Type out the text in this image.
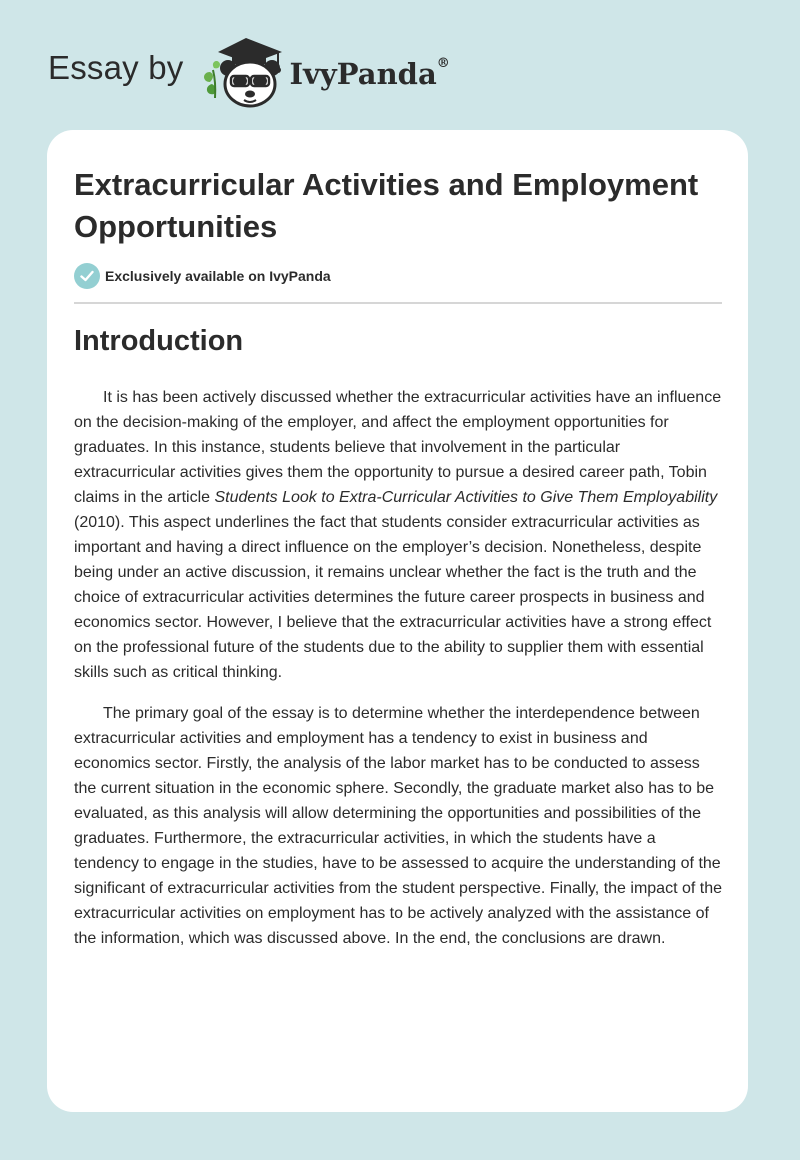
Essay by	IvyPanda®
Extracurricular Activities and Employment Opportunities
Exclusively available on IvyPanda
Introduction

It is has been actively discussed whether the extracurricular activities have an influence on the decision-making of the employer, and affect the employment opportunities for graduates. In this instance, students believe that involvement in the particular extracurricular activities gives them the opportunity to pursue a desired career path, Tobin claims in the article Students Look to Extra-Curricular Activities to Give Them Employability (2010). This aspect underlines the fact that students consider extracurricular activities as important and having a direct influence on the employer’s decision. Nonetheless, despite being under an active discussion, it remains unclear whether the fact is the truth and the choice of extracurricular activities determines the future career prospects in business and economics sector. However, I believe that the extracurricular activities have a strong effect on the professional future of the students due to the ability to supplier them with essential skills such as critical thinking.

The primary goal of the essay is to determine whether the interdependence between extracurricular activities and employment has a tendency to exist in business and economics sector. Firstly, the analysis of the labor market has to be conducted to assess the current situation in the economic sphere. Secondly, the graduate market also has to be evaluated, as this analysis will allow determining the opportunities and possibilities of the graduates. Furthermore, the extracurricular activities, in which the students have a tendency to engage in the studies, have to be assessed to acquire the understanding of the significant of extracurricular activities from the student perspective. Finally, the impact of the extracurricular activities on employment has to be actively analyzed with the assistance of the information, which was discussed above. In the end, the conclusions are drawn.
